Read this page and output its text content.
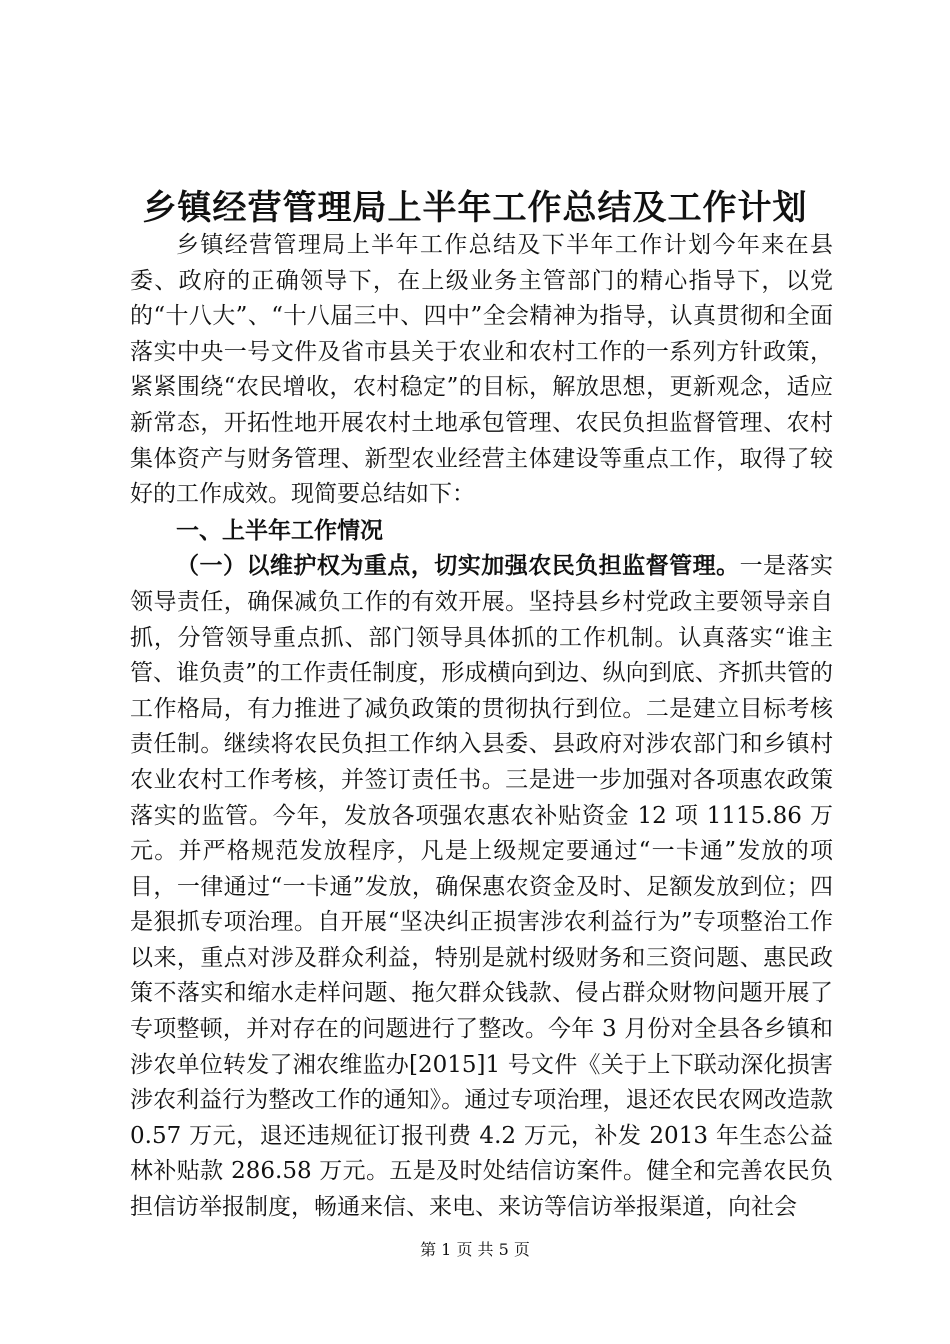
乡镇经营管理局上半年工作总结及工作计划

乡镇经营管理局上半年工作总结及下半年工作计划今年来在县委、政府的正确领导下，在上级业务主管部门的精心指导下，以党的“十八大”、“十八届三中、四中”全会精神为指导，认真贯彻和全面落实中央一号文件及省市县关于农业和农村工作的一系列方针政策，紧紧围绕“农民增收，农村稳定”的目标，解放思想，更新观念，适应新常态，开拓性地开展农村土地承包管理、农民负担监督管理、农村集体资产与财务管理、新型农业经营主体建设等重点工作，取得了较好的工作成效。现简要总结如下：

一、上半年工作情况

（一）以维护权为重点，切实加强农民负担监督管理。一是落实领导责任，确保减负工作的有效开展。坚持县乡村党政主要领导亲自抓，分管领导重点抓、部门领导具体抓的工作机制。认真落实“谁主管、谁负责”的工作责任制度，形成横向到边、纵向到底、齐抓共管的工作格局，有力推进了减负政策的贯彻执行到位。二是建立目标考核责任制。继续将农民负担工作纳入县委、县政府对涉农部门和乡镇村农业农村工作考核，并签订责任书。三是进一步加强对各项惠农政策落实的监管。今年，发放各项强农惠农补贴资金 12 项 1115.86 万元。并严格规范发放程序，凡是上级规定要通过“一卡通”发放的项目，一律通过“一卡通”发放，确保惠农资金及时、足额发放到位；四是狠抓专项治理。自开展“坚决纠正损害涉农利益行为”专项整治工作以来，重点对涉及群众利益，特别是就村级财务和三资问题、惠民政策不落实和缩水走样问题、拖欠群众钱款、侵占群众财物问题开展了专项整顿，并对存在的问题进行了整改。今年 3 月份对全县各乡镇和涉农单位转发了湘农维监办[2015]1 号文件《关于上下联动深化损害涉农利益行为整改工作的通知》。通过专项治理，退还农民农网改造款 0.57 万元，退还违规征订报刊费 4.2 万元，补发 2013 年生态公益林补贴款 286.58 万元。五是及时处结信访案件。健全和完善农民负担信访举报制度，畅通来信、来电、来访等信访举报渠道，向社会

第 1 页 共 5 页
